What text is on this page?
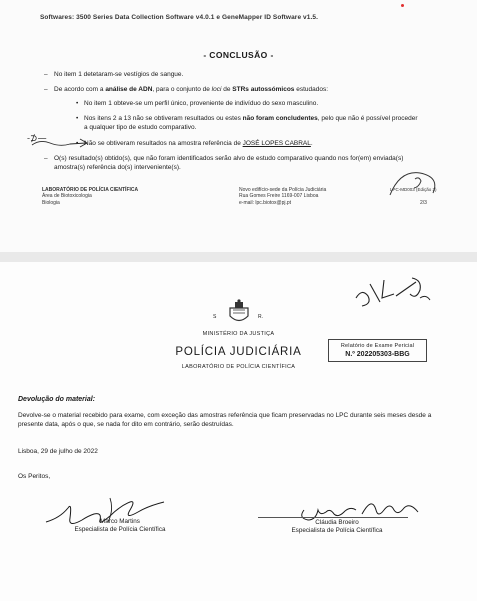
Softwares: 3500 Series Data Collection Software v4.0.1 e GeneMapper ID Software v1.5.
- CONCLUSÃO -
– No item 1 detetaram-se vestígios de sangue.
– De acordo com a análise de ADN, para o conjunto de loci de STRs autossómicos estudados:
• No item 1 obteve-se um perfil único, proveniente de indivíduo do sexo masculino.
• Nos itens 2 a 13 não se obtiveram resultados ou estes não foram concludentes, pelo que não é possível proceder a qualquer tipo de estudo comparativo.
• Não se obtiveram resultados na amostra referência de JOSÉ LOPES CABRAL.
-⊅—
– O(s) resultado(s) obtido(s), que não foram identificados serão alvo de estudo comparativo quando nos for(em) enviada(s) amostra(s) referência do(s) interveniente(s).
LABORATÓRIO DE POLÍCIA CIENTÍFICA
Área de Biotoxicologia
Biologia
Novo edifício-sede da Polícia Judiciária
Rua Gomes Freire 1169-007 Lisboa
e-mail: lpc.biotox@pj.pt
LPC-MD003 (Edição 3)
2/3
S	R.
MINISTÉRIO DA JUSTIÇA
POLÍCIA JUDICIÁRIA
LABORATÓRIO DE POLÍCIA CIENTÍFICA
Relatório de Exame Pericial
N.º 202205303-BBG
Devolução do material:
Devolve-se o material recebido para exame, com exceção das amostras referência que ficam preservadas no LPC durante seis meses desde a presente data, após o que, se nada for dito em contrário, serão destruídas.
Lisboa, 29 de julho de 2022
Os Peritos,
Marco Martins
Especialista de Polícia Científica
Cláudia Broeiro
Especialista de Polícia Científica
